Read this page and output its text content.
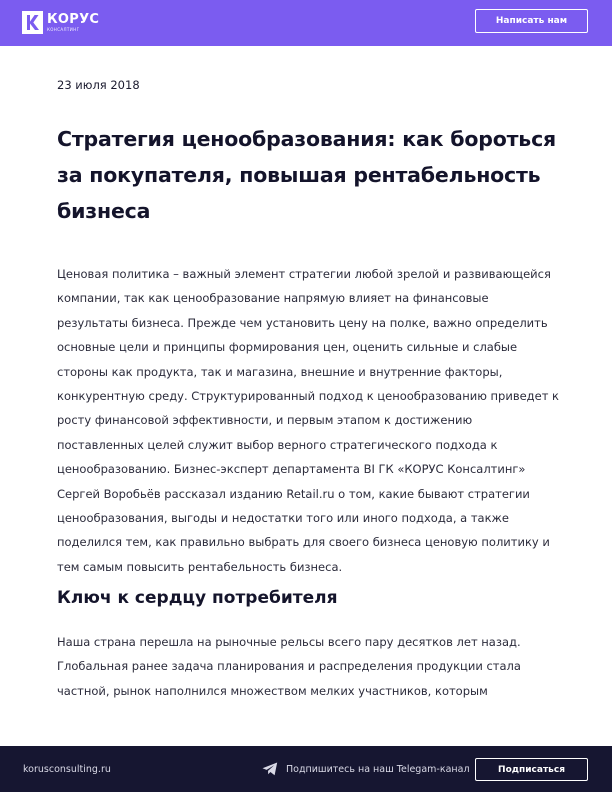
КОРУС
КОНСАЛТИНГ
Написать нам
23 июля 2018
Стратегия ценообразования: как бороться за покупателя, повышая рентабельность бизнеса

Ценовая политика – важный элемент стратегии любой зрелой и развивающейся компании, так как ценообразование напрямую влияет на финансовые результаты бизнеса. Прежде чем установить цену на полке, важно определить основные цели и принципы формирования цен, оценить сильные и слабые стороны как продукта, так и магазина, внешние и внутренние факторы, конкурентную среду. Структурированный подход к ценообразованию приведет к росту финансовой эффективности, и первым этапом к достижению поставленных целей служит выбор верного стратегического подхода к ценообразованию. Бизнес-эксперт департамента ВI ГК «КОРУС Консалтинг» Сергей Воробьёв рассказал изданию Retail.ru о том, какие бывают стратегии ценообразования, выгоды и недостатки того или иного подхода, а также поделился тем, как правильно выбрать для своего бизнеса ценовую политику и тем самым повысить рентабельность бизнеса.

Ключ к сердцу потребителя

Наша страна перешла на рыночные рельсы всего пару десятков лет назад. Глобальная ранее задача планирования и распределения продукции стала частной, рынок наполнился множеством мелких участников, которым

korusconsulting.ru	Подпишитесь на наш Telegam-канал	Подписаться
